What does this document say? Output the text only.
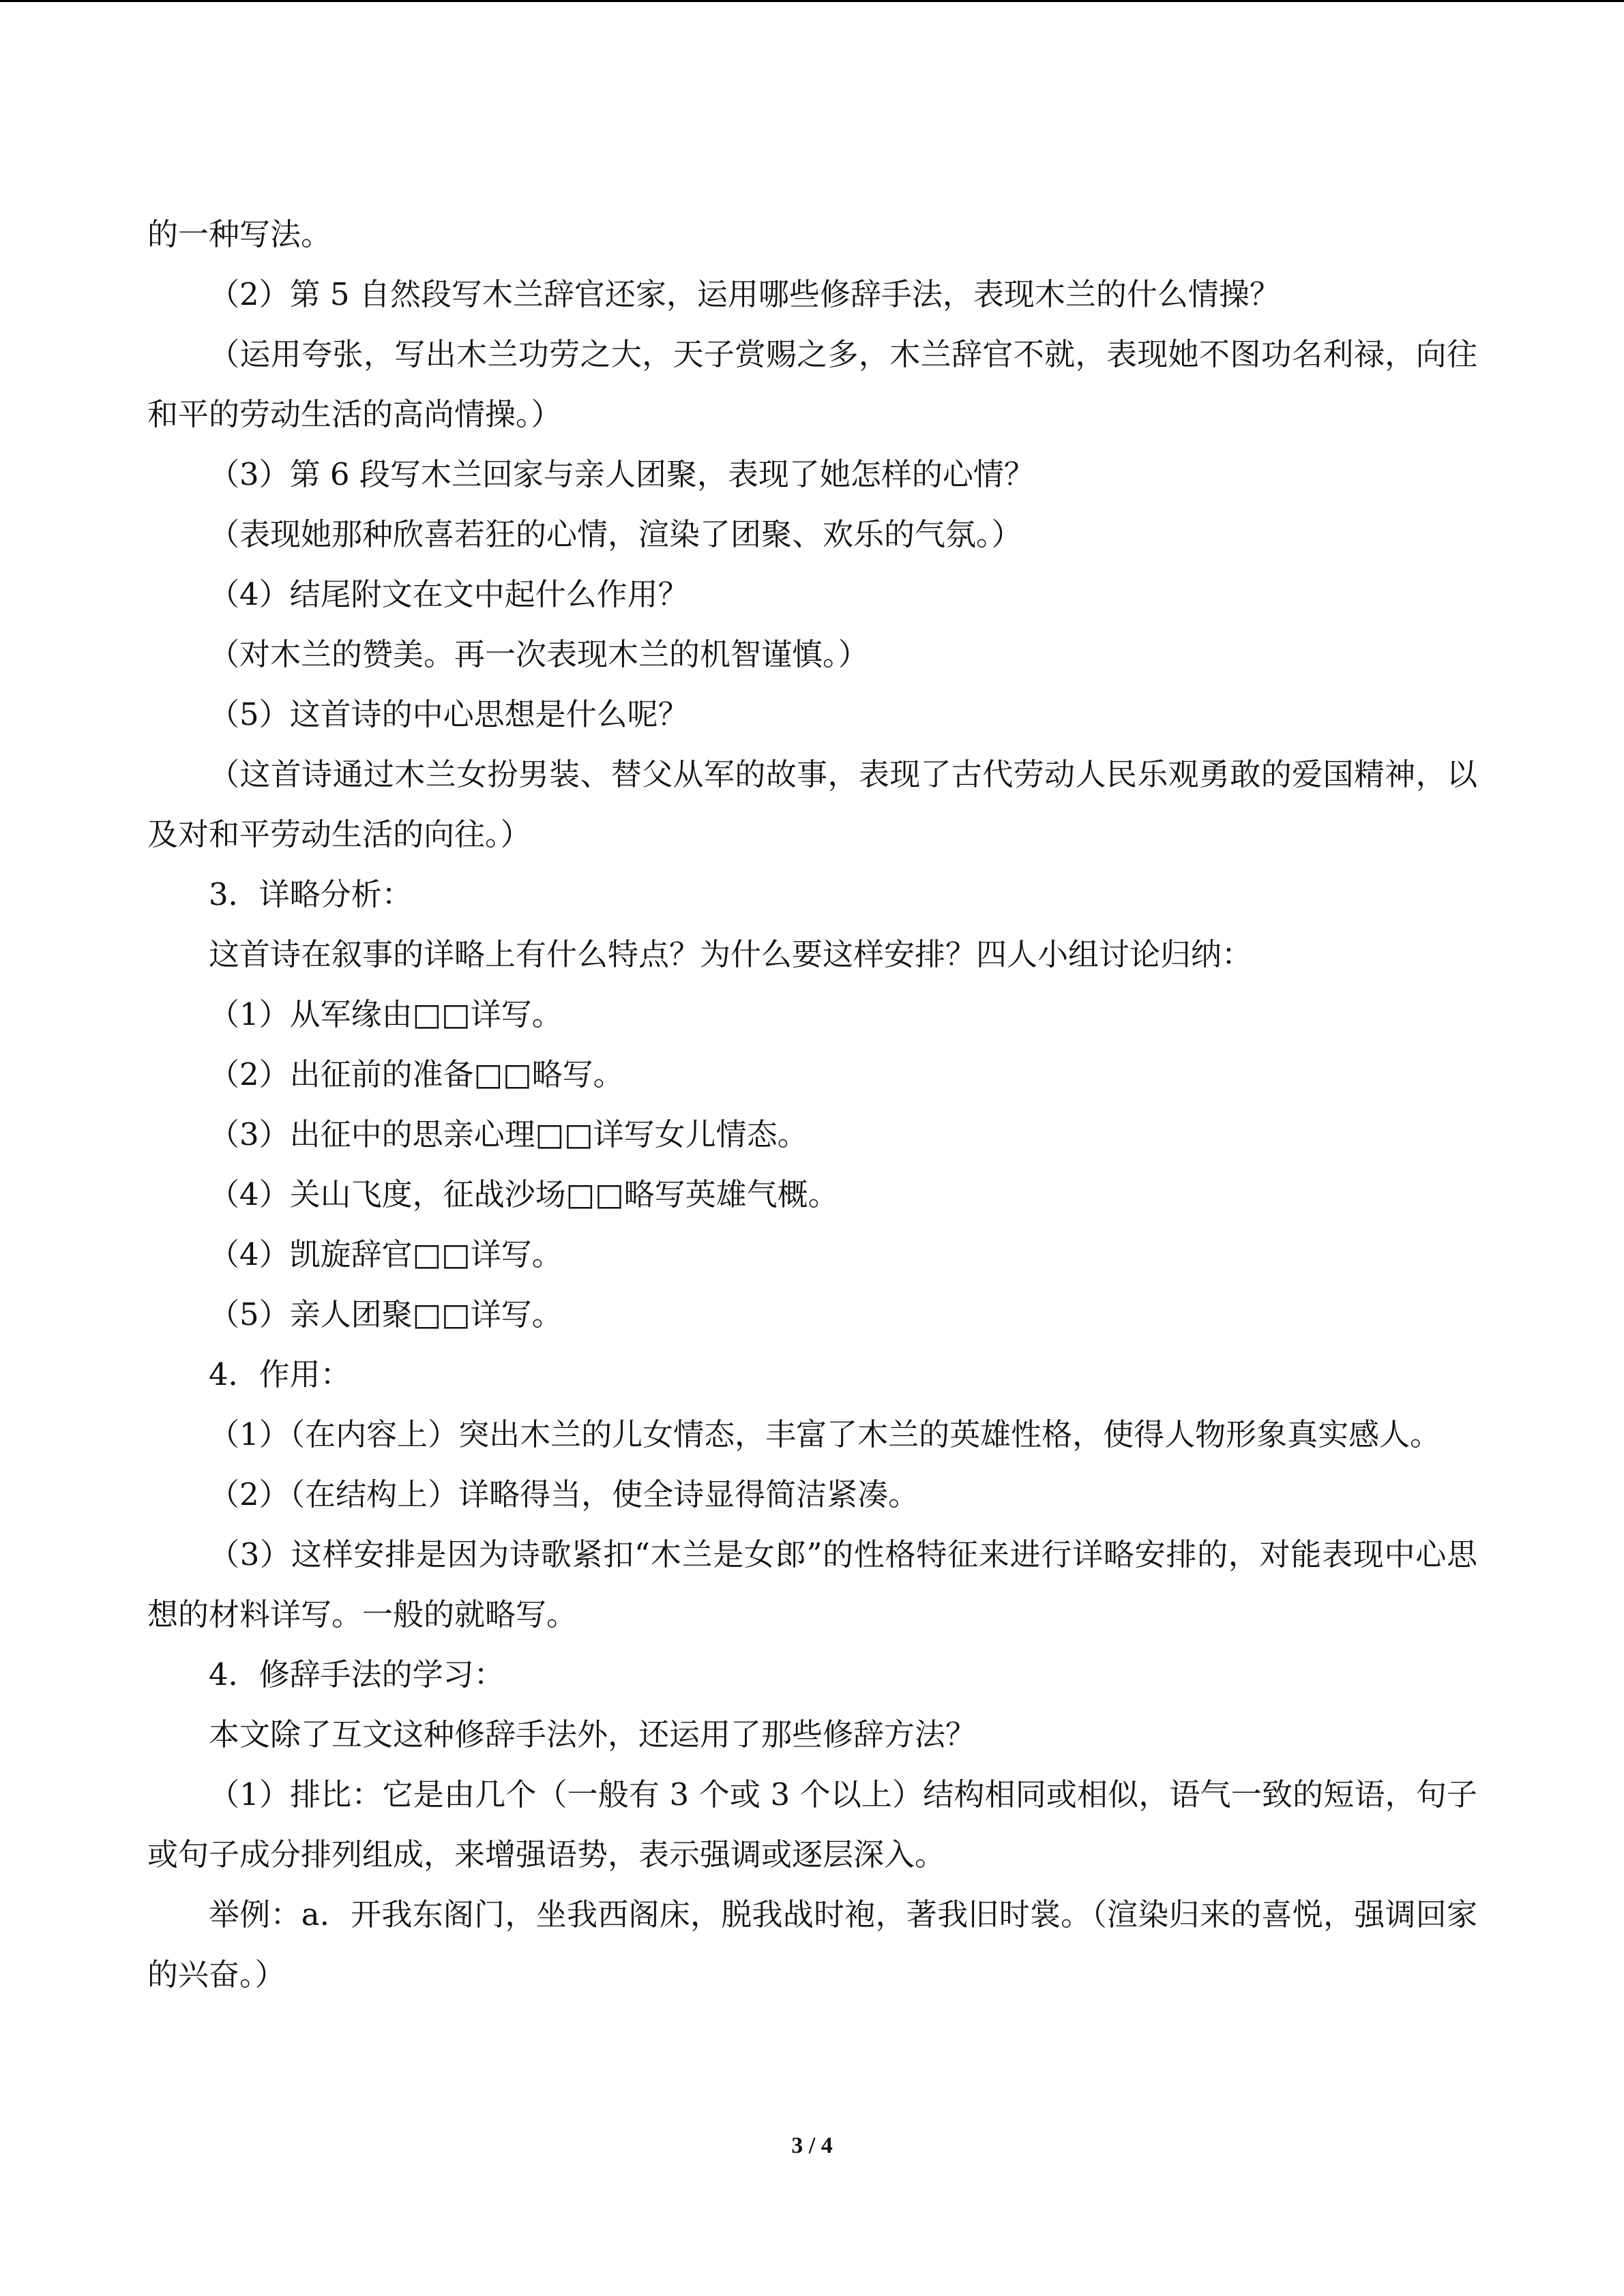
的一种写法。

（2）第 5 自然段写木兰辞官还家，运用哪些修辞手法，表现木兰的什么情操？

（运用夸张，写出木兰功劳之大，天子赏赐之多，木兰辞官不就，表现她不图功名利禄，向往和平的劳动生活的高尚情操。）

（3）第 6 段写木兰回家与亲人团聚，表现了她怎样的心情？

（表现她那种欣喜若狂的心情，渲染了团聚、欢乐的气氛。）

（4）结尾附文在文中起什么作用？

（对木兰的赞美。再一次表现木兰的机智谨慎。）

（5）这首诗的中心思想是什么呢？

（这首诗通过木兰女扮男装、替父从军的故事，表现了古代劳动人民乐观勇敢的爱国精神，以及对和平劳动生活的向往。）

3．详略分析：

这首诗在叙事的详略上有什么特点？为什么要这样安排？四人小组讨论归纳：

（1）从军缘由□□详写。

（2）出征前的准备□□略写。

（3）出征中的思亲心理□□详写女儿情态。

（4）关山飞度，征战沙场□□略写英雄气概。

（4）凯旋辞官□□详写。

（5）亲人团聚□□详写。

4．作用：

（1）（在内容上）突出木兰的儿女情态，丰富了木兰的英雄性格，使得人物形象真实感人。

（2）（在结构上）详略得当，使全诗显得简洁紧凑。

（3）这样安排是因为诗歌紧扣“木兰是女郎”的性格特征来进行详略安排的，对能表现中心思想的材料详写。一般的就略写。

4．修辞手法的学习：

本文除了互文这种修辞手法外，还运用了那些修辞方法？

（1）排比：它是由几个（一般有 3 个或 3 个以上）结构相同或相似，语气一致的短语，句子或句子成分排列组成，来增强语势，表示强调或逐层深入。

举例：a．开我东阁门，坐我西阁床，脱我战时袍，著我旧时裳。（渲染归来的喜悦，强调回家的兴奋。）

3 / 4
